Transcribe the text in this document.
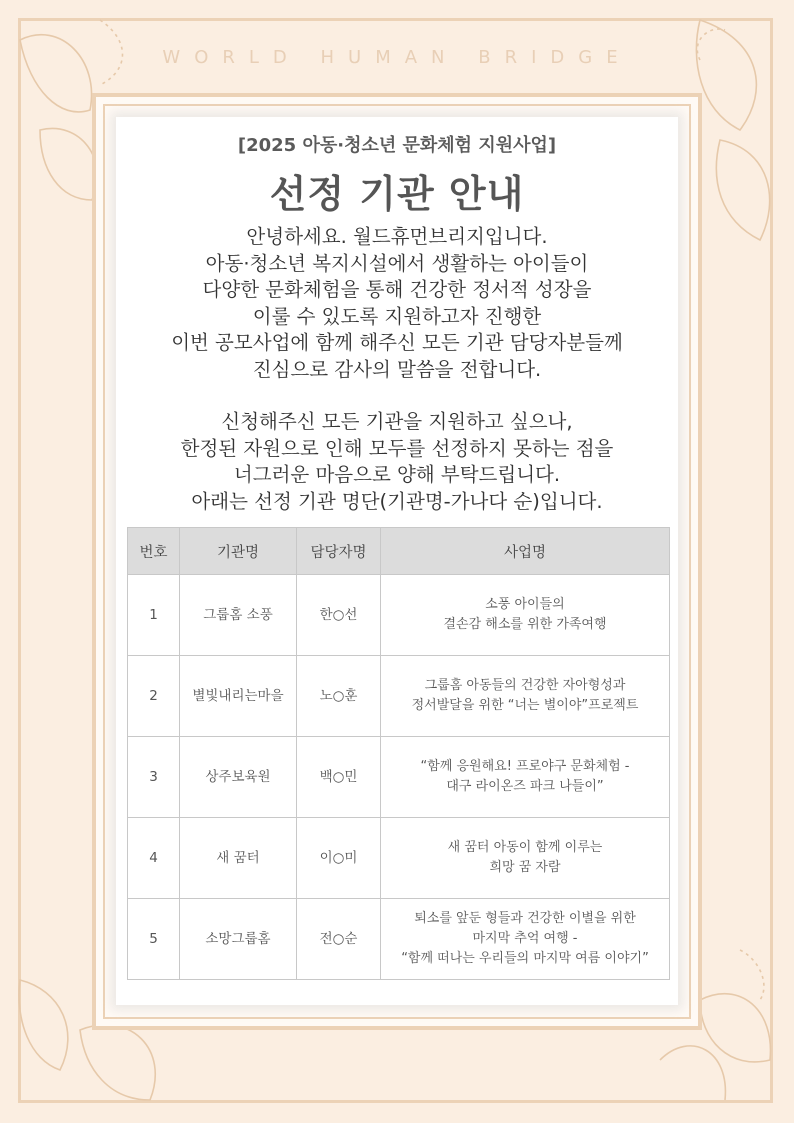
WORLD HUMAN BRIDGE
[2025 아동·청소년 문화체험 지원사업]
선정 기관 안내

안녕하세요. 월드휴먼브리지입니다.

아동·청소년 복지시설에서 생활하는 아이들이

다양한 문화체험을 통해 건강한 정서적 성장을

이룰 수 있도록 지원하고자 진행한

이번 공모사업에 함께 해주신 모든 기관 담당자분들께

진심으로 감사의 말씀을 전합니다.

신청해주신 모든 기관을 지원하고 싶으나,

한정된 자원으로 인해 모두를 선정하지 못하는 점을

너그러운 마음으로 양해 부탁드립니다.

아래는 선정 기관 명단(기관명-가나다 순)입니다.

번호	기관명	담당자명	사업명
1	그룹홈 소풍	한○선	소풍 아이들의
결손감 해소를 위한 가족여행

2	별빛내리는마을	노○훈	그룹홈 아동들의 건강한 자아형성과
정서발달을 위한 “너는 별이야”프로젝트

3	상주보육원	백○민	“함께 응원해요! 프로야구 문화체험 -
대구 라이온즈 파크 나들이”

4	새 꿈터	이○미	새 꿈터 아동이 함께 이루는
희망 꿈 자람

5	소망그룹홈	전○순	퇴소를 앞둔 형들과 건강한 이별을 위한
마지막 추억 여행 -
“함께 떠나는 우리들의 마지막 여름 이야기”
